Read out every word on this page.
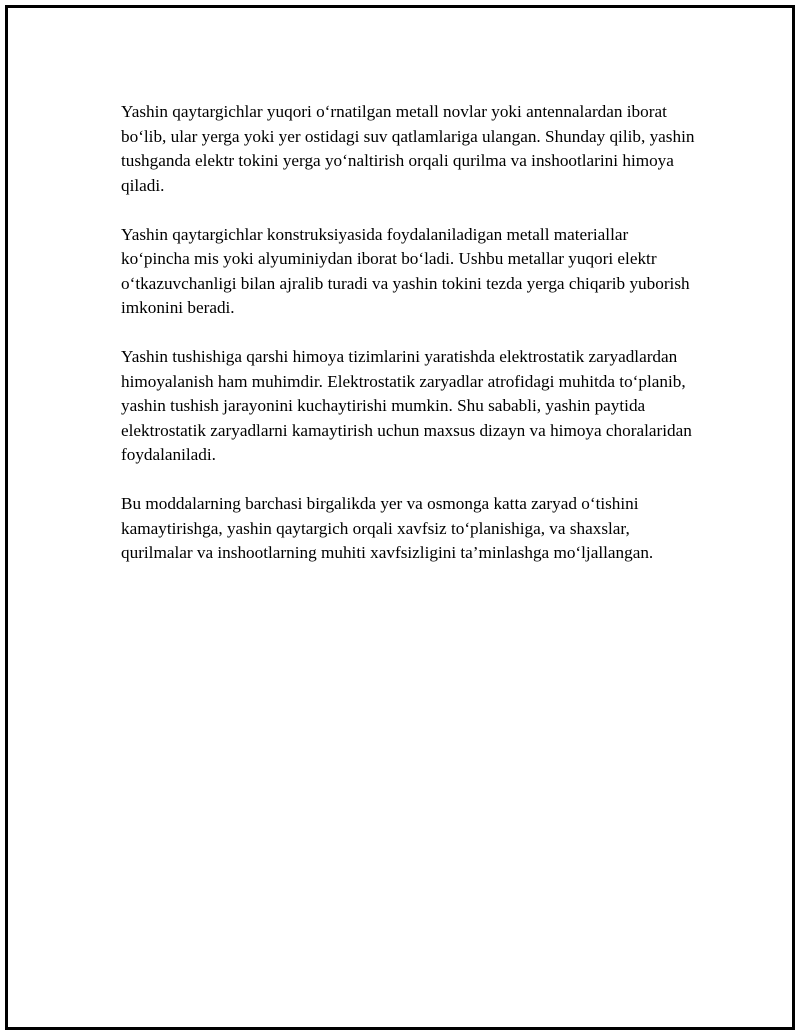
Yashin qaytargichlar yuqori o‘rnatilgan metall novlar yoki antennalardan iborat bo‘lib, ular yerga yoki yer ostidagi suv qatlamlariga ulangan. Shunday qilib, yashin tushganda elektr tokini yerga yo‘naltirish orqali qurilma va inshootlarini himoya qiladi.

Yashin qaytargichlar konstruksiyasida foydalaniladigan metall materiallar ko‘pincha mis yoki alyuminiydan iborat bo‘ladi. Ushbu metallar yuqori elektr o‘tkazuvchanligi bilan ajralib turadi va yashin tokini tezda yerga chiqarib yuborish imkonini beradi.

Yashin tushishiga qarshi himoya tizimlarini yaratishda elektrostatik zaryadlardan himoyalanish ham muhimdir. Elektrostatik zaryadlar atrofidagi muhitda to‘planib, yashin tushish jarayonini kuchaytirishi mumkin. Shu sababli, yashin paytida elektrostatik zaryadlarni kamaytirish uchun maxsus dizayn va himoya choralaridan foydalaniladi.

Bu moddalarning barchasi birgalikda yer va osmonga katta zaryad o‘tishini kamaytirishga, yashin qaytargich orqali xavfsiz to‘planishiga, va shaxslar, qurilmalar va inshootlarning muhiti xavfsizligini ta’minlashga mo‘ljallangan.
